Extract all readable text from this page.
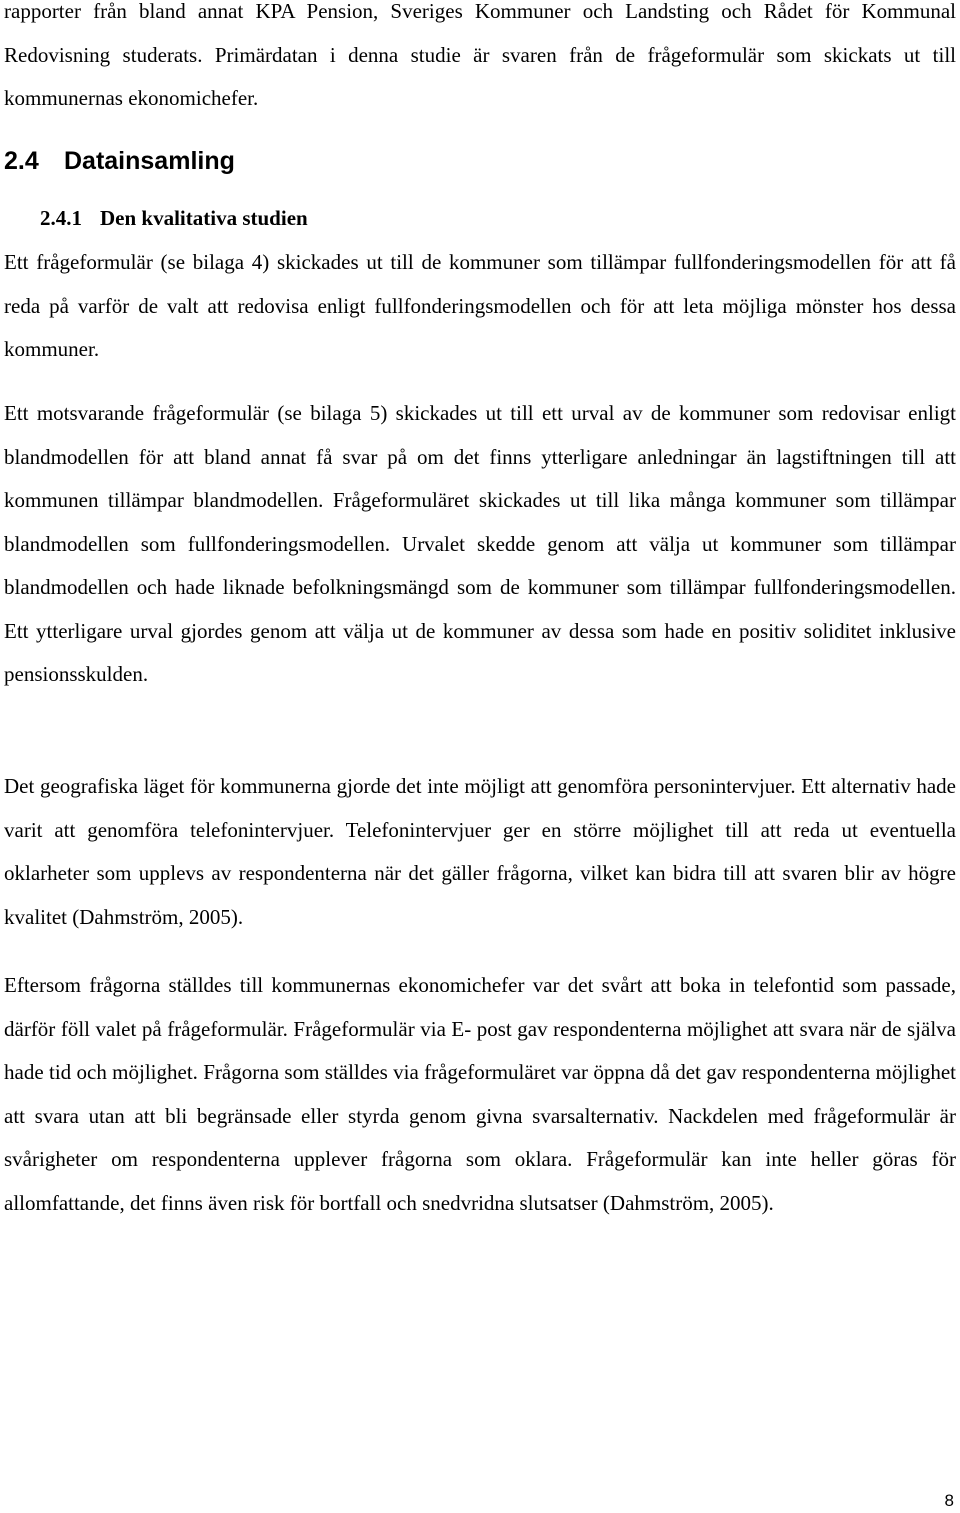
rapporter från bland annat KPA Pension, Sveriges Kommuner och Landsting och Rådet för Kommunal Redovisning studerats. Primärdatan i denna studie är svaren från de frågeformulär som skickats ut till kommunernas ekonomichefer.

2.4 Datainsamling
2.4.1 Den kvalitativa studien

Ett frågeformulär (se bilaga 4) skickades ut till de kommuner som tillämpar fullfonderingsmodellen för att få reda på varför de valt att redovisa enligt fullfonderingsmodellen och för att leta möjliga mönster hos dessa kommuner.

Ett motsvarande frågeformulär (se bilaga 5) skickades ut till ett urval av de kommuner som redovisar enligt blandmodellen för att bland annat få svar på om det finns ytterligare anledningar än lagstiftningen till att kommunen tillämpar blandmodellen. Frågeformuläret skickades ut till lika många kommuner som tillämpar blandmodellen som fullfonderingsmodellen. Urvalet skedde genom att välja ut kommuner som tillämpar blandmodellen och hade liknade befolkningsmängd som de kommuner som tillämpar fullfonderingsmodellen. Ett ytterligare urval gjordes genom att välja ut de kommuner av dessa som hade en positiv soliditet inklusive pensionsskulden.

Det geografiska läget för kommunerna gjorde det inte möjligt att genomföra personintervjuer. Ett alternativ hade varit att genomföra telefonintervjuer. Telefonintervjuer ger en större möjlighet till att reda ut eventuella oklarheter som upplevs av respondenterna när det gäller frågorna, vilket kan bidra till att svaren blir av högre kvalitet (Dahmström, 2005).

Eftersom frågorna ställdes till kommunernas ekonomichefer var det svårt att boka in telefontid som passade, därför föll valet på frågeformulär. Frågeformulär via E- post gav respondenterna möjlighet att svara när de själva hade tid och möjlighet. Frågorna som ställdes via frågeformuläret var öppna då det gav respondenterna möjlighet att svara utan att bli begränsade eller styrda genom givna svarsalternativ. Nackdelen med frågeformulär är svårigheter om respondenterna upplever frågorna som oklara. Frågeformulär kan inte heller göras för allomfattande, det finns även risk för bortfall och snedvridna slutsatser (Dahmström, 2005).

8
